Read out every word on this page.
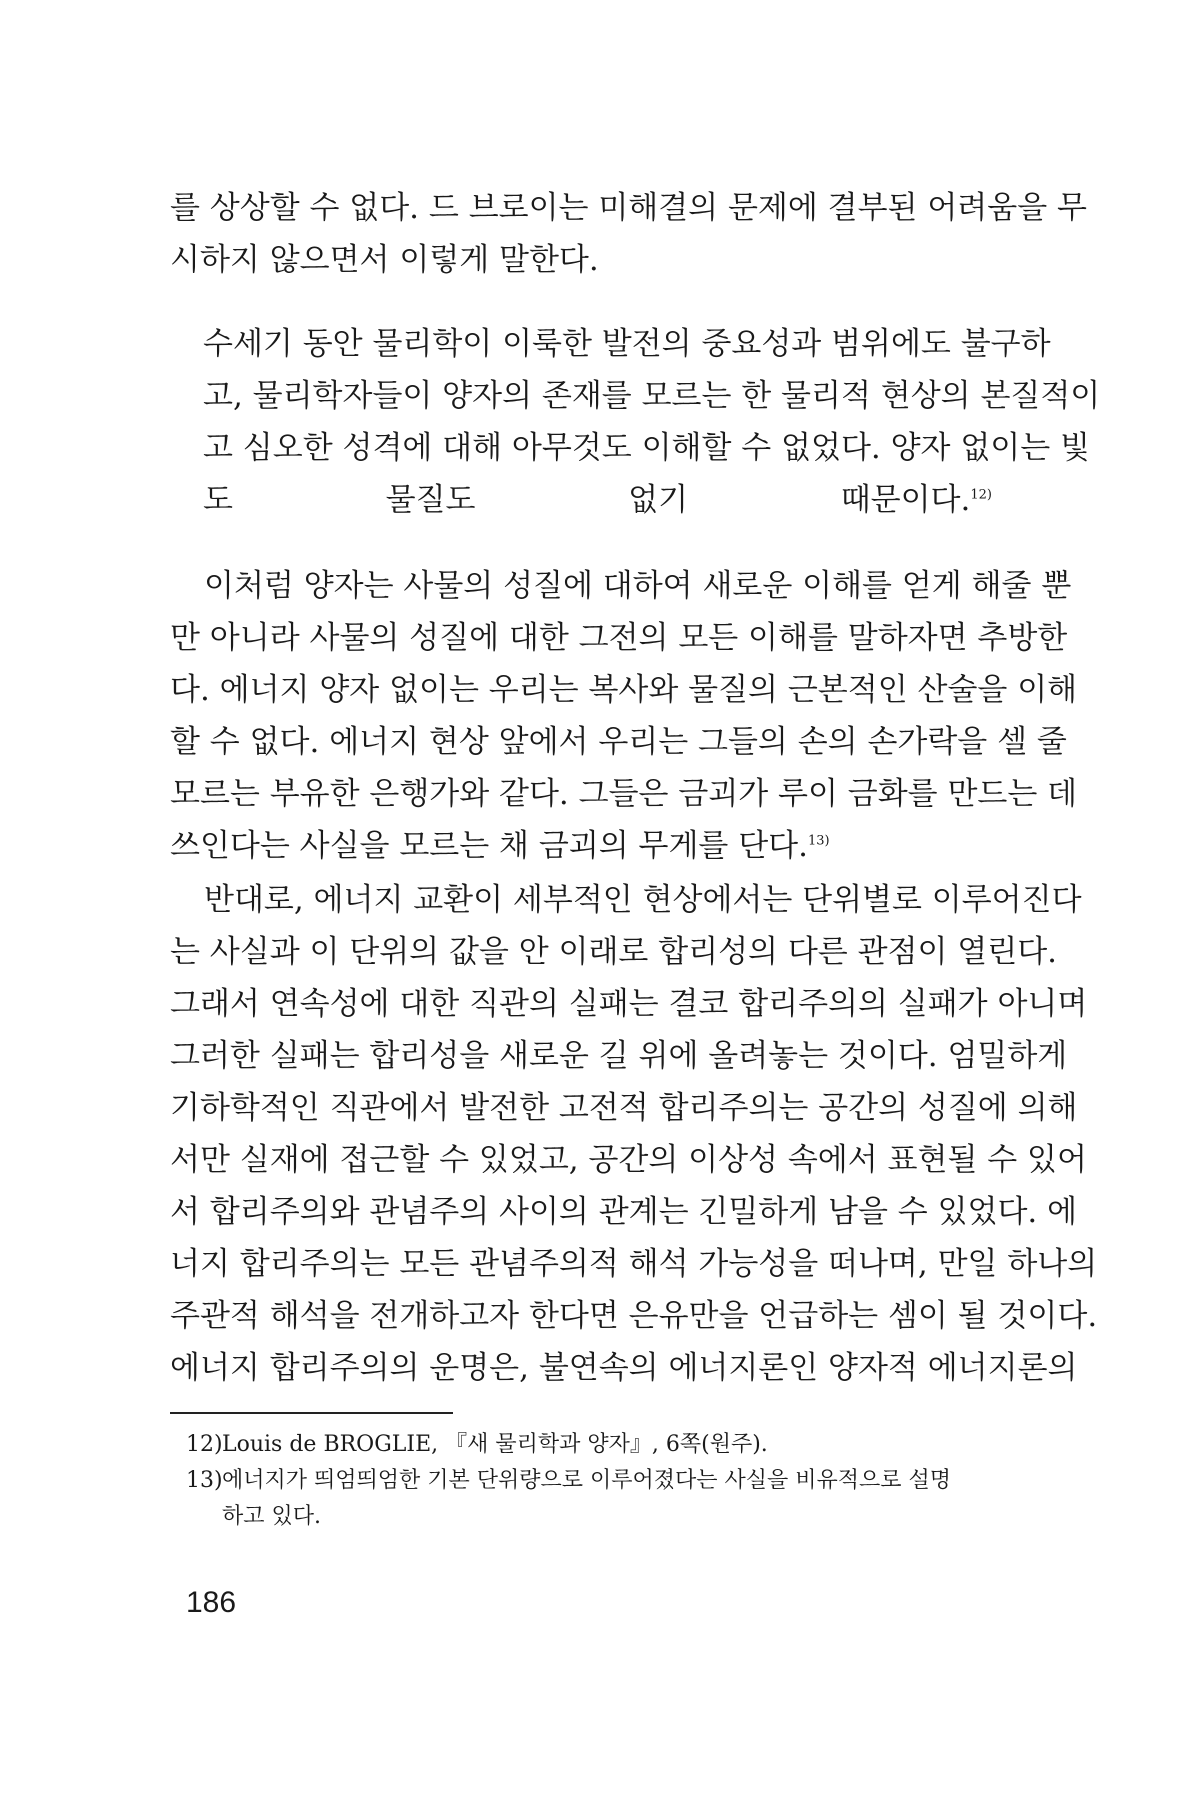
를 상상할 수 없다. 드 브로이는 미해결의 문제에 결부된 어려움을 무
시하지 않으면서 이렇게 말한다.
수세기 동안 물리학이 이룩한 발전의 중요성과 범위에도 불구하
고, 물리학자들이 양자의 존재를 모르는 한 물리적 현상의 본질적이
고 심오한 성격에 대해 아무것도 이해할 수 없었다. 양자 없이는 빛
도 물질도 없기 때문이다.$^{12)}$
이처럼 양자는 사물의 성질에 대하여 새로운 이해를 얻게 해줄 뿐
만 아니라 사물의 성질에 대한 그전의 모든 이해를 말하자면 추방한
다. 에너지 양자 없이는 우리는 복사와 물질의 근본적인 산술을 이해
할 수 없다. 에너지 현상 앞에서 우리는 그들의 손의 손가락을 셀 줄
모르는 부유한 은행가와 같다. 그들은 금괴가 루이 금화를 만드는 데
쓰인다는 사실을 모르는 채 금괴의 무게를 단다.$^{13)}$
반대로, 에너지 교환이 세부적인 현상에서는 단위별로 이루어진다
는 사실과 이 단위의 값을 안 이래로 합리성의 다른 관점이 열린다.
그래서 연속성에 대한 직관의 실패는 결코 합리주의의 실패가 아니며
그러한 실패는 합리성을 새로운 길 위에 올려놓는 것이다. 엄밀하게
기하학적인 직관에서 발전한 고전적 합리주의는 공간의 성질에 의해
서만 실재에 접근할 수 있었고, 공간의 이상성 속에서 표현될 수 있어
서 합리주의와 관념주의 사이의 관계는 긴밀하게 남을 수 있었다. 에
너지 합리주의는 모든 관념주의적 해석 가능성을 떠나며, 만일 하나의
주관적 해석을 전개하고자 한다면 은유만을 언급하는 셈이 될 것이다.
에너지 합리주의의 운명은, 불연속의 에너지론인 양자적 에너지론의
12)Louis de BROGLIE, 『새 물리학과 양자』, 6쪽(원주).
13)에너지가 띄엄띄엄한 기본 단위량으로 이루어졌다는 사실을 비유적으로 설명
하고 있다.
186
